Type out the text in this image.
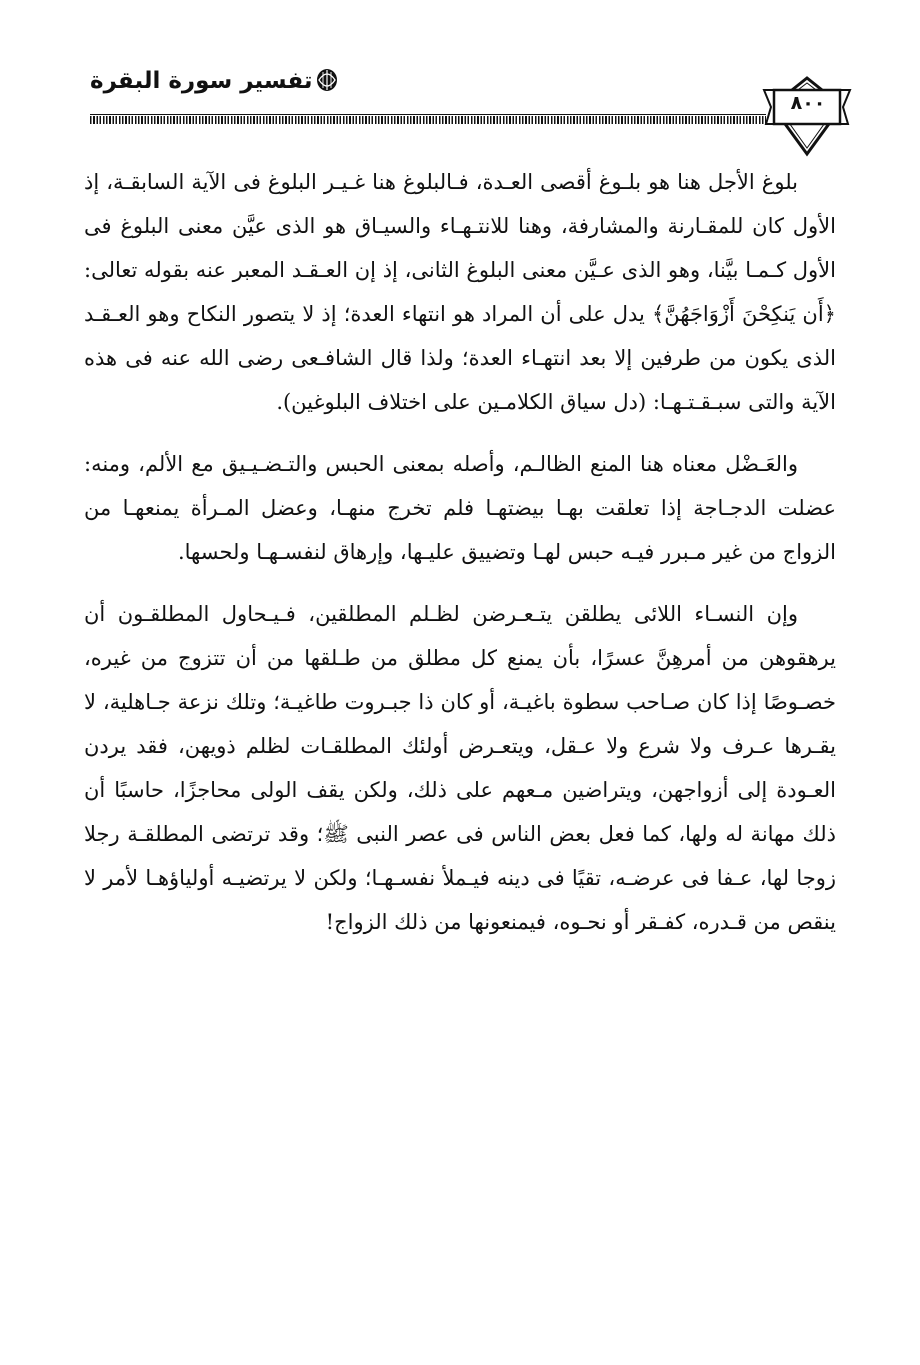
تفسير سورة البقرة
٨٠٠

بلوغ الأجل هنا هو بلـوغ أقصى العـدة، فـالبلوغ هنا غـيـر البلوغ فى الآية السابقـة، إذ الأول كان للمقـارنة والمشارفة، وهنا للانتـهـاء والسيـاق هو الذى عيَّن معنى البلوغ فى الأول كـمـا بيَّنا، وهو الذى عـيَّن معنى البلوغ الثانى، إذ إن العـقـد المعبر عنه بقوله تعالى: ﴿أَن يَنكِحْنَ أَزْوَاجَهُنَّ﴾ يدل على أن المراد هو انتهاء العدة؛ إذ لا يتصور النكاح وهو العـقـد الذى يكون من طرفين إلا بعد انتهـاء العدة؛ ولذا قال الشافـعى رضى الله عنه فى هذه الآية والتى سبـقـتـهـا: (دل سياق الكلامـين على اختلاف البلوغين).

والعَـضْل معناه هنا المنع الظالـم، وأصله بمعنى الحبس والتـضـيـيق مع الألم، ومنه: عضلت الدجـاجة إذا تعلقت بهـا بيضتهـا فلم تخرج منهـا، وعضل المـرأة يمنعهـا من الزواج من غير مـبرر فيـه حبس لهـا وتضييق عليـها، وإرهاق لنفسـهـا ولحسها.

وإن النسـاء اللائى يطلقن يتـعـرضن لظـلم المطلقين، فـيـحاول المطلقـون أن يرهقوهن من أمرهِنَّ عسرًا، بأن يمنع كل مطلق من طـلقها من أن تتزوج من غيره، خصـوصًا إذا كان صـاحب سطوة باغيـة، أو كان ذا جبـروت طاغيـة؛ وتلك نزعة جـاهلية، لا يقـرها عـرف ولا شرع ولا عـقل، ويتعـرض أولئك المطلقـات لظلم ذويهن، فقد يردن العـودة إلى أزواجهن، ويتراضين مـعهم على ذلك، ولكن يقف الولى محاجزًا، حاسبًا أن ذلك مهانة له ولها، كما فعل بعض الناس فى عصر النبى ﷺ؛ وقد ترتضى المطلقـة رجلا زوجا لها، عـفا فى عرضـه، تقيًا فى دينه فيـملأ نفسـهـا؛ ولكن لا يرتضيـه أولياؤهـا لأمر لا ينقص من قـدره، كفـقر أو نحـوه، فيمنعونها من ذلك الزواج!
